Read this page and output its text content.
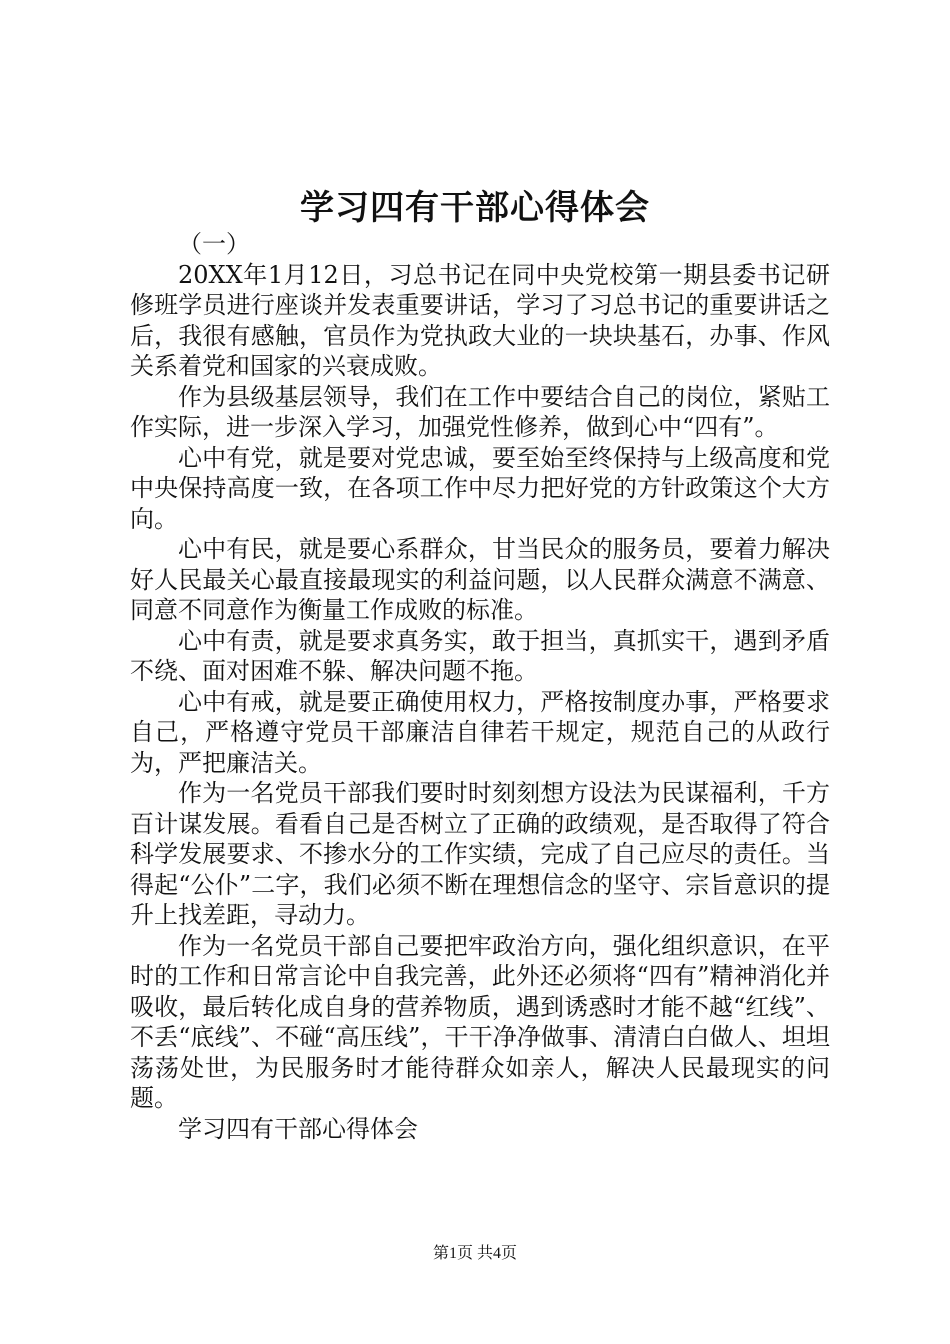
学习四有干部心得体会

（一）

20XX年1月12日，习总书记在同中央党校第一期县委书记研修班学员进行座谈并发表重要讲话，学习了习总书记的重要讲话之后，我很有感触，官员作为党执政大业的一块块基石，办事、作风关系着党和国家的兴衰成败。

作为县级基层领导，我们在工作中要结合自己的岗位，紧贴工作实际，进一步深入学习，加强党性修养，做到心中“四有”。

心中有党，就是要对党忠诚，要至始至终保持与上级高度和党中央保持高度一致，在各项工作中尽力把好党的方针政策这个大方向。

心中有民，就是要心系群众，甘当民众的服务员，要着力解决好人民最关心最直接最现实的利益问题，以人民群众满意不满意、同意不同意作为衡量工作成败的标准。

心中有责，就是要求真务实，敢于担当，真抓实干，遇到矛盾不绕、面对困难不躲、解决问题不拖。

心中有戒，就是要正确使用权力，严格按制度办事，严格要求自己，严格遵守党员干部廉洁自律若干规定，规范自己的从政行为，严把廉洁关。

作为一名党员干部我们要时时刻刻想方设法为民谋福利，千方百计谋发展。看看自己是否树立了正确的政绩观，是否取得了符合科学发展要求、不掺水分的工作实绩，完成了自己应尽的责任。当得起“公仆”二字，我们必须不断在理想信念的坚守、宗旨意识的提升上找差距，寻动力。

作为一名党员干部自己要把牢政治方向，强化组织意识，在平时的工作和日常言论中自我完善，此外还必须将“四有”精神消化并吸收，最后转化成自身的营养物质，遇到诱惑时才能不越“红线”、不丢“底线”、不碰“高压线”，干干净净做事、清清白白做人、坦坦荡荡处世，为民服务时才能待群众如亲人，解决人民最现实的问题。

学习四有干部心得体会

第1页 共4页
